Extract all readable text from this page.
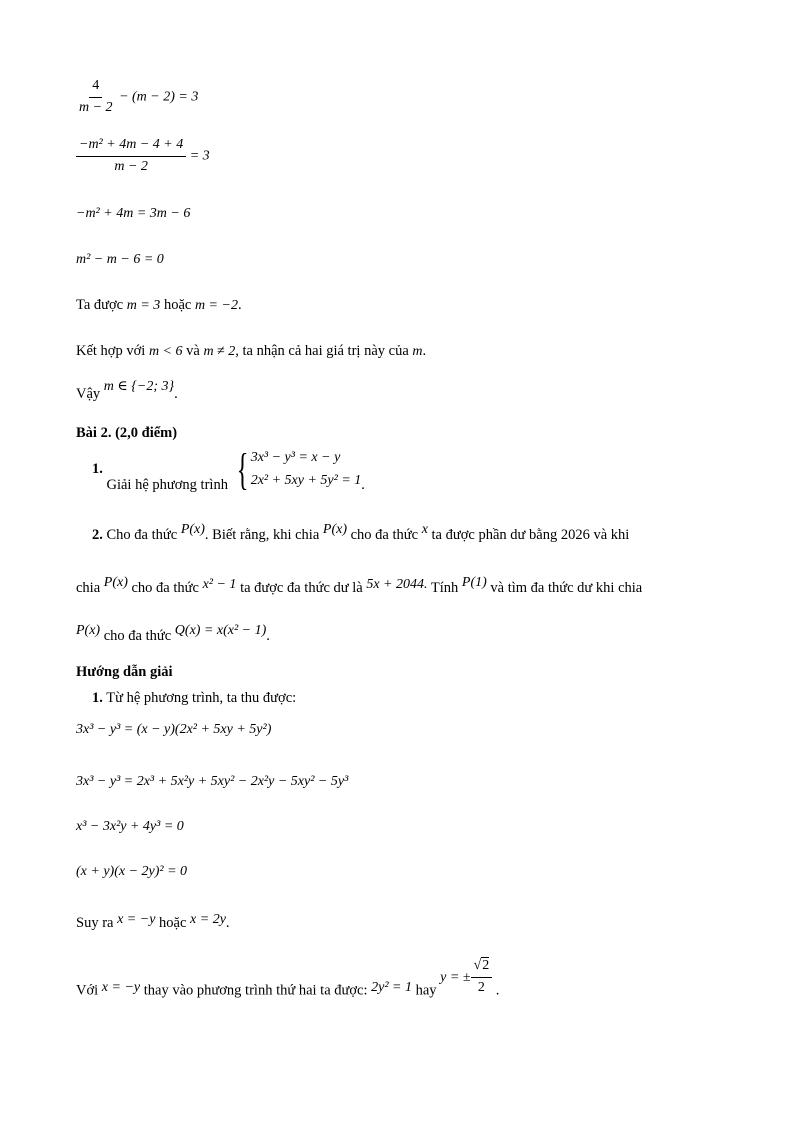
$\frac{4}{m - 2} - (m - 2) = 3$
$\frac{\text{−m² + 4m − 4 + 4}}{m - 2} = 3$
−m² + 4m = 3m − 6
m² − m − 6 = 0
Ta được m = 3 hoặc m = −2.
Kết hợp với m < 6 và m ≠ 2, ta nhận cả hai giá trị này của m.
Vậy m ∈ {−2; 3}.
Bài 2. (2,0 điểm)
1. Giải hệ phương trình { 3x³ − y³ = x − y
2x² + 5xy + 5y² = 1 .
2. Cho đa thức P(x). Biết rằng, khi chia P(x) cho đa thức x ta được phần dư bằng 2026 và khi
chia P(x) cho đa thức x² − 1 ta được đa thức dư là 5x + 2044. Tính P(1) và tìm đa thức dư khi chia
P(x) cho đa thức Q(x) = x(x² − 1).
Hướng dẫn giải
1. Từ hệ phương trình, ta thu được:
3x³ − y³ = (x − y)(2x² + 5xy + 5y²)
3x³ − y³ = 2x³ + 5x²y + 5xy² − 2x²y − 5xy² − 5y³
x³ − 3x²y + 4y³ = 0
(x + y)(x − 2y)² = 0
Suy ra x = −y hoặc x = 2y.
Với x = −y thay vào phương trình thứ hai ta được: 2y² = 1 hay y = ± $\frac{√2}{2}$ .
